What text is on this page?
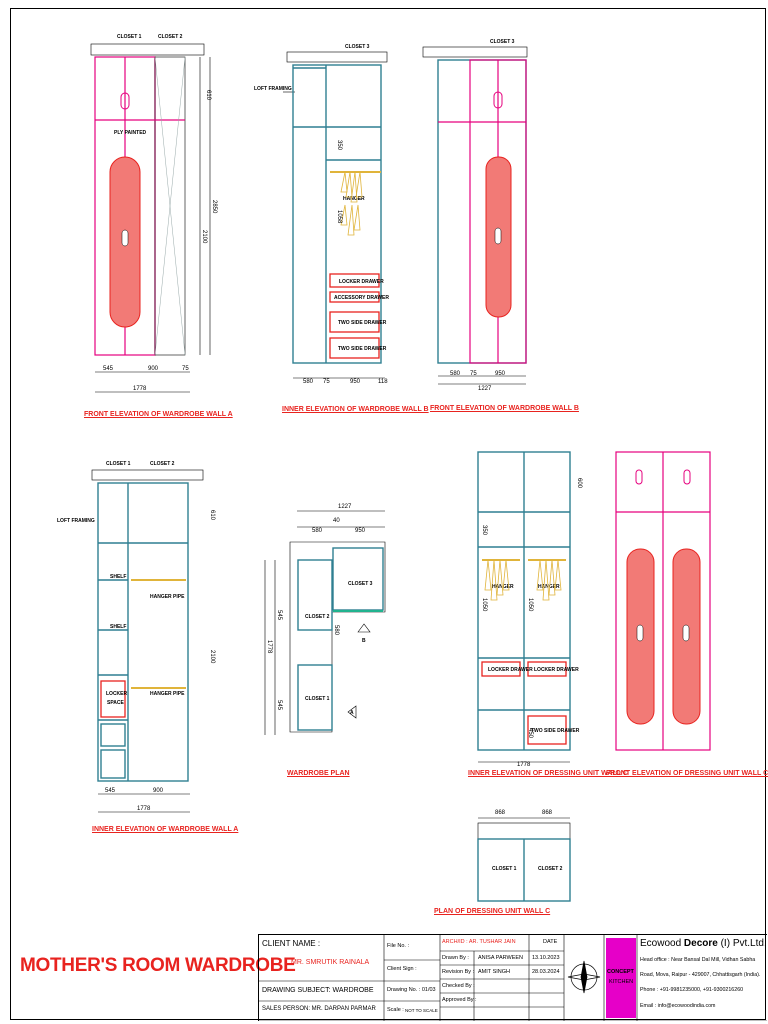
CLOSET 1	CLOSET 2
PLY PAINTED
545	900	75
1778
610
2100
2850
CLOSET 3
LOFT FRAMING
HANGER
LOCKER DRAWER
ACCESSORY DRAWER
TWO SIDE DRAWER
TWO SIDE DRAWER
350
1058
580 75	950	118
CLOSET 3
580 75	950
1227
CLOSET 1	CLOSET 2
LOFT FRAMING
SHELF
SHELF
HANGER PIPE
HANGER PIPE
LOCKER
SPACE
545	900
1778
610
2100
1227
580
40
950
CLOSET 2
CLOSET 1
CLOSET 3
B
A
1778
545
545
580
HANGER	HANGER
LOCKER DRAWER LOCKER DRAWER
TWO SIDE DRAWER
1778
600
350
1050	1050
450
868	868
CLOSET 1	CLOSET 2
FRONT ELEVATION OF WARDROBE WALL A
INNER ELEVATION OF WARDROBE WALL B FRONT ELEVATION OF WARDROBE WALL B
INNER ELEVATION OF WARDROBE WALL A
WARDROBE PLAN	INNER ELEVATION OF DRESSING UNIT WALL C
FRONT ELEVATION OF DRESSING UNIT WALL C
PLAN OF DRESSING UNIT WALL C
MOTHER'S ROOM WARDROBE
CLIENT NAME :
MR. SMRUTIK RAINALA
DRAWING SUBJECT: WARDROBE
SALES PERSON: MR. DARPAN PARMAR
File No. :
Client Sign :
Drawing No. : 01/03
Scale : NOT TO SCALE
ARCH/ID : AR. TUSHAR JAIN	DATE
Drawn By : ANISA PARWEEN 13.10.2023
Revision By : AMIT SINGH	28.03.2024
Checked By :
Approved By :
CONCEPT
KITCHEN
Ecowood Decore (I) Pvt.Ltd.
Head office : Near Bansal Dal Mill, Vidhan Sabha
Road, Mova, Raipur - 429007, Chhattisgarh (India).
Phone : +91-9981235000, +91-9300216260
Email : info@ecowoodindia.com
